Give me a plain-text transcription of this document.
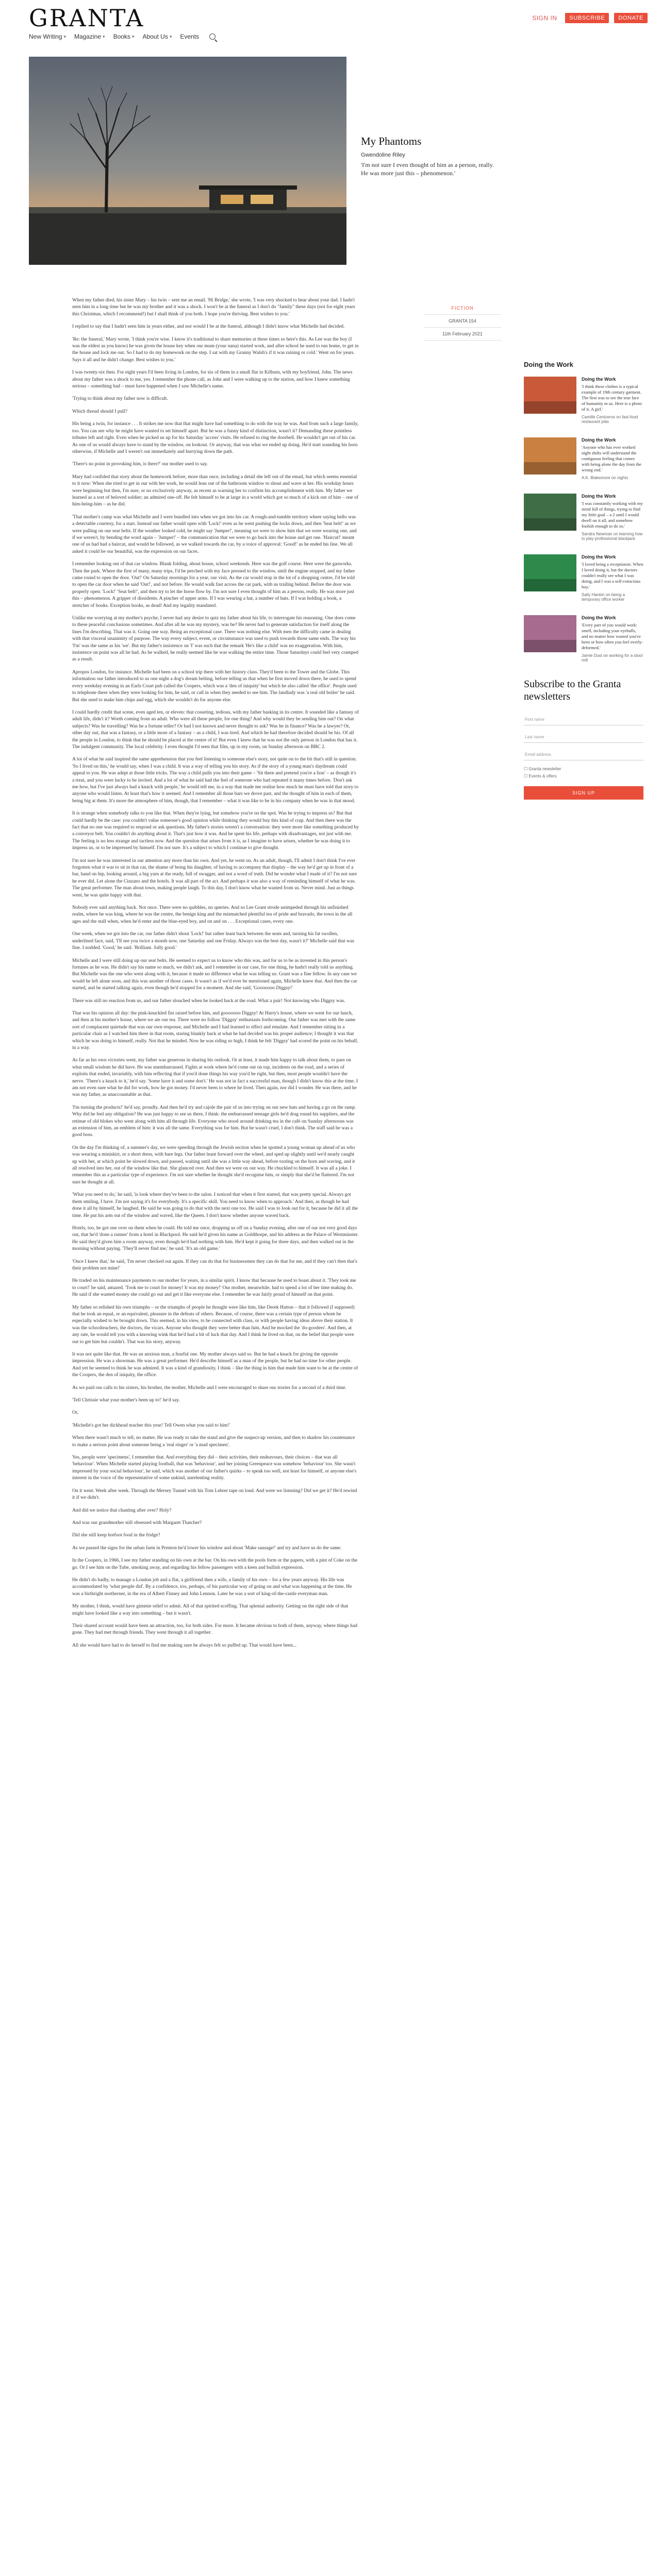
GRANTA	SIGN IN	SUBSCRIBE	DONATE
New Writing ▾ Magazine ▾ Books ▾ About Us ▾ Events
My Phantoms
Gwendoline Riley
'I'm not sure I even thought of him as a person, really. He was more just this – phenomenon.'

When my father died, his sister Mary – his twin – sent me an email. 'Hi Bridge,' she wrote, 'I was very shocked to hear about your dad. I hadn't seen him in a long time but he was my brother and it was a shock. I won't be at the funeral as I don't do "family" these days (not for eight years this Christmas, which I recommend!) but I shall think of you both. I hope you're thriving. Best wishes to you.'

I replied to say that I hadn't seen him in years either, and nor would I be at the funeral, although I didn't know what Michelle had decided.

'Re: the funeral,' Mary wrote, 'I think you're wise. I know it's traditional to share memories at these times so here's this. As Lee was the boy (I was the eldest as you know) he was given the house key when our mum (your nana) started work, and after school he used to run home, to get in the house and lock me out. So I had to do my homework on the step. I sat with my Granny Walsh's if it was raining or cold.' Went on for years. Says it all and he didn't change. Best wishes to you.'

I was twenty-six then. For eight years I'd been living in London, for six of them in a small flat in Kilburn, with my boyfriend, John. The news about my father was a shock to me, yes. I remember the phone call, as John and I were walking up to the station, and how I knew something serious – something bad – must have happened when I saw Michelle's name.

'Trying to think about my father now is difficult.

Which thread should I pull?

His being a twin, for instance . . . It strikes me now that that might have had something to do with the way he was. And from such a large family, too. You can see why he might have wanted to set himself apart. But he was a funny kind of distinction, wasn't it? Demanding these pointless tributes left and right. Even when he picked us up for his Saturday 'access' visits. He refused to ring the doorbell. He wouldn't get out of his car. As one of us would always have to stand by the window, on lookout. Or anyway, that was what we ended up doing. He'd start sounding his horn otherwise, if Michelle and I weren't out immediately and hurrying down the path.

'There's no point in provoking him, is there?' our mother used to say.

Mary had confided that story about the homework before, more than once, including a detail she left out of the email, but which seems essential to it now: When she tried to get in our with her work, he would lean out of the bathroom window to shout and wave at her. His workday hours were beginning but then, I'm sure, or no exclusively anyway, as recent as warning her to confirm his accomplishment with him. My father we learned as a sort of beloved soldier; an admired one-off. He felt himself to be at large in a world which got so much of a kick out of him – one of him-being-him – as he did.

'That mother's camp was what Michelle and I were bundled into when we got into his car. A rough-and-tumble territory where saying hello was a detectable courtesy, for a start. Instead our father would open with 'Lock!' even as he went pushing the locks down, and then 'Seat belt!' as we were pulling on our seat belts. If the weather looked cold, he might say 'Jumper!', meaning we were to show him that we were wearing one, and if we weren't, by bending the word again – 'Jumper!' – the communication that we were to go back into the house and get one. 'Haircut!' meant one of us had had a haircut, and would be followed, as we walked towards the car, by a voice of approval: 'Good!' as he ended his line. We all asked it could be our beautiful, was the expression on our faces.

I remember looking out of that car window. Blank folding, about house, school weekends. Here was the golf course. Here were the gasworks. Then the park. Where the first of many, many trips, I'd be perched with my face pressed to the window, until the engine stopped, and my father came round to open the door. 'Out!' On Saturday mornings for a year, our visit. As the car would stop in the lot of a shopping centre, I'd be told to open the car door when he said 'Out!', and not before. He would walk fast across the car park, with us trailing behind. Before the door was properly open: 'Lock!' 'Seat belt!', and then try to let the horse flow by. I'm not sure I even thought of him as a person, really. He was more just this – phenomenon. A gripper of dissidents. A pincher of upper arms. If I was wearing a hat, a number of hats. If I was holding a book, a stretcher of books. Exception books, as dead! And my legality mandated.

Unlike me worrying at my mother's psyche, I never had any desire to quiz my father about his life, to interrogate his reasoning. One does come to these peaceful conclusions sometimes. And after all he was my mystery, was he? He never had to generate satisfaction for itself along the lines I'm describing. That was it. Going one way. Being an exceptional case. There was nothing else. With men the difficulty came in dealing with that visceral unanimity of purpose. The way every subject, event, or circumstance was used to push towards those same ends. The way his 'I'm' was the same as his 'we'. But my father's insistence on 'I' was such that the remark 'He's like a child' was no exaggeration. With him, insistence on point was all he had. As he walked, he really seemed like he was walking the entire time. Those Saturdays could feel very cramped as a result.

Apropos London, for instance. Michelle had been on a school trip there with her history class. They'd been to the Tower and the Globe. This information our father introduced to us one night a dog's dream belting, before telling us that when he first moved down there, he used to spend every weekday evening in an Earls Court pub called the Coopers, which was a 'den of iniquity' but which he also called 'the office'. People used to telephone there when they were looking for him, he said, or call in when they needed to see him. The landlady was 'a real old boiler' he said. But she used to make him chips and egg, which she wouldn't do for anyone else.

I could hardly credit that scene, even aged ten, or eleven: that cosseting, tedious, with my father basking in its centre. It sounded like a fantasy of adult life, didn't it? Worth coming from an adult. Who were all these people, for one thing? And why would they be sending him out? On what subjects? Was he travelling? Was he a fortune teller? Or had I not known and never thought to ask? Was he in finance? Was he a lawyer? Or, other day out, that was a fantasy, or a little more of a fantasy – as a child, I was tired. And which he had therefore decided should be his. Of all the people in London, to think that he should be placed at the centre of it! But even I knew that he was not the only person in London that has it. The indulgent community. The local celebrity. I even thought I'd seen that film, up in my room, on Sunday afternoon on BBC 2.

A lot of what he said inspired the same apprehension that you feel listening to someone else's story, not quite on to the bit that's still in question. 'So I lived on this,' he would say, when I was a child. It was a way of telling you his story. As if the story of a young man's daydream could appeal to you. He was adept at those little tricks. The way a child pulls you into their game – 'Sit there and pretend you're a lion' – as though it's a treat, and you were lucky to be invited. And a lot of what he said had the feel of someone who had repeated it many times before. 'Don't ask me how, but I've just always had a knack with people,' he would tell me, in a way that made me realise how much he must have told that story to anyone who would listen. At least that's how it seemed. And I remember all those bars we drove past, and the thought of him in each of them, being big at them. It's more the atmosphere of him, though, that I remember – what it was like to be in his company when he was in that mood.

It is strange when somebody talks to you like that. When they're lying, but somehow you're on the spot. Was he trying to impress us? But that could hardly be the case: you couldn't value someone's good opinion while thinking they would buy this kind of crap. And then there was the fact that no one was required to respond or ask questions. My father's stories weren't a conversation: they were more like something produced by a conveyor belt. You couldn't do anything about it. That's just how it was. And he spent his life, perhaps with disadvantages, not just with me. The feeling is no less strange and tactless now. And the question that arises from it is, as I imagine to have arisen, whether he was doing it to impress us, or to be impressed by himself. I'm not sure. It's a subject to which I continue to give thought.

I'm not sure he was interested in our attention any more than his own. And yet, he went on. As an adult, though, I'll admit I don't think I've ever forgotten what it was to sit in that car, the shame of being his daughter, of having to accompany that display – the way he'd get up in front of a bar, hand on hip, looking around, a big yarn at the ready, full of swagger, and not a word of truth. Did he wonder what I made of it? I'm not sure he ever did. Let alone the Cinzano and the hotels. It was all part of the act. And perhaps it was also a way of reminding himself of what he was. The great performer. The man about town, making people laugh. To this day, I don't know what he wanted from us. Never mind. Just as things went, he was quite happy with that.

Nobody ever said anything back. Not once. There were no quibbles, no queries. And so Lee Grant strode unimpeded through his unfinished realm, where he was king, where he was the centre, the benign king and the mismatched plentiful tea of pride and bravado, the town in the all ages and the stall when, when he'd enter and the blue-eyed boy, and on and on . . . Exceptional cases, every one.

One week, when we got into the car, our father didn't shout 'Lock!' but rather leant back between the seats and, turning his fat swollen, underlined face, said, 'I'll see you twice a month now, one Saturday and one Friday. Always was the best day, wasn't it?' Michelle said that was fine. I nodded. 'Good,' he said. 'Brilliant. Jolly good.'

Michelle and I were still doing up our seat belts. He seemed to expect us to know who this was, and for us to be as invested in this person's fortunes as he was. He didn't say his name so much, we didn't ask, and I remember in our case, for one thing, he hadn't really told us anything. But Michelle was the one who went along with it, because it made no difference what he was telling us: Grant was a fine fellow. In any case we would be left alone soon, and this was another of those cases. It wasn't as if we'd ever be mentioned again, Michelle knew that. And then the car started, and he started talking again, even though he'd stopped for a moment. And she said, 'Gooooooo Diggsy!'

There was still no reaction from us, and our father slouched when he looked back at the road. What a pair! Not knowing who Diggsy was.

That was his opinion all day: the pink-knuckled fist raised before him, and gooooooo Diggsy! At Harry's house, where we went for our lunch, and then at his mother's house, where we ate our tea. There were no follow 'Diggsy' enthusiasts forthcoming. Our father was met with the same sort of complacent quietude that was our own response, and Michelle and I had learned to effect and emulate. And I remember sitting in a particular chair as I watched him there in that room, staring blankly back at what he had decided was his proper audience; I thought it was that which he was doing to himself, really. Not that he minded. Now he was riding so high, I think he felt 'Diggsy' had scored the point on his behalf, in a way.

As far as his own victories went, my father was generous in sharing his outlook. Or at least, it made him happy to talk about them, to pass on what small wisdom he did have. He was unembarrassed. Fights at work where he'd come out on top, incidents on the road, and a series of exploits that ended, invariably, with him reflecting that if you'd done things his way you'd be right, but then, most people wouldn't have the nerve. 'There's a knack to it,' he'd say. 'Some have it and some don't.' He was not in fact a successful man, though I didn't know this at the time. I am not even sure what he did for work, how he got money. I'd never been to where he lived. Then again, nor did I wonder. He was there, and he was my father, as unaccountable as that.

'I'm turning the products!' he'd say, proudly. And then he'd try and cajole the pair of us into trying on our new hats and having a go on the ramp. Why did he feel any obligation? He was just happy to see us there, I think: the embarrassed teenage girls he'd drag round his suppliers, and the retinue of old blokes who went along with him all through life. Everyone who stood around drinking tea in the café on Sunday afternoons was an extension of him, an emblem of him: it was all the same. Everything was for him. But he wasn't cruel, I don't think. The staff said he was a good boss.

On the day I'm thinking of, a summer's day, we were speeding through the Jewish section when he spotted a young woman up ahead of us who was wearing a miniskirt, or a short dress, with bare legs. Our father leant forward over the wheel, and sped up slightly until we'd nearly caught up with her, at which point he slowed down, and passed, waiting until she was a little way ahead, before tooting on the horn and waving, and it all resolved into her, out of the window like that. She glanced over. And then we were on our way. He chuckled to himself. It was all a joke. I remember this as a particular type of experience. I'm not sure whether he thought she'd recognise him, or simply that she'd be flattered. I'm not sure he thought at all.

'What you need to do,' he said, 'is look where they've been to the salon. I noticed that when it first started, that was pretty special. Always got them smiling, I have. I'm not saying it's for everybody. It's a specific skill. You need to know when to approach.' And then, as though he had done it all by himself, he laughed. He said he was going to do that with the next one too. He said I was to look out for it, because he did it all the time. He put his arm out of the window and waved, like the Queen. I don't know whether anyone waved back.

Hotels, too, he got one over on them when he could. He told me once, dropping us off on a Sunday evening, after one of our not very good days out, that he'd 'done a runner' from a hotel in Blackpool. He said he'd given his name as Goldthorpe, and his address as the Palace of Westminster. He said they'd given him a room anyway, even though he'd had nothing with him. He'd kept it going for three days, and then walked out in the morning without paying. 'They'll never find me,' he said. 'It's an old game.'

'Once I knew that,' he said, 'I'm never checked out again. If they can do that for businessmen they can do that for me, and if they can't then that's their problem not mine!'

He traded on his maintenance payments to our mother for years, in a similar spirit. I know that because he used to boast about it. 'They took me to court!' he said, amazed. 'Took me to court for money! It was my money!' Our mother, meanwhile, had to spend a lot of her time making do. He said if she wanted money she could go out and get it like everyone else. I remember he was fairly proud of himself on that point.

My father so relished his own triumphs – or the triumphs of people he thought were like him, like Derek Hatton – that it followed (I supposed) that he took an equal, or an equivalent, pleasure in the defeats of others. Because, of course, there was a certain type of person whom he especially wished to be brought down. This seemed, in his view, to be connected with class, or with people having ideas above their station. It was the schoolteachers, the doctors, the vicars. Anyone who thought they were better than him. And he mocked the 'do-gooders'. And then, at any rate, he would tell you with a knowing wink that he'd had a bit of luck that day. And I think he lived on that, on the belief that people were out to get him but couldn't. That was his story, anyway.

It was not quite like that. He was an anxious man, a fearful one. My mother always said so. But he had a knack for giving the opposite impression. He was a showman. He was a great performer. He'd describe himself as a man of the people, but he had no time for other people. And yet he seemed to think he was admired. It was a kind of grandiosity, I think – like the thing in him that made him want to be at the centre of the Coopers, the den of iniquity, the office.

As we paid our calls to his sisters, his brother, the mother, Michelle and I were encouraged to share our stories for a second of a third time.

'Tell Chrissie what your mother's been up to!' he'd say.

Or,

'Michelle's got her dickhead teacher this year! Tell Owen what you said to him!'

When there wasn't much to tell, no matter. He was ready to take the stand and give the suspect-up version, and then to shadow his countenance to make a serious point about someone being a 'real ringer' or 'a mad specimen'.

Yes, people were 'specimens', I remember that. And everything they did – their activities, their endeavours, their choices – that was all 'behaviour'. When Michelle started playing football, that was 'behaviour', and her joining Greenpeace was somehow 'behaviour' too. She wasn't impressed by your social behaviour', he said, which was another of our father's quirks – to speak too well, not least for himself, or anyone else's interest in the voice of the representative of some unkind, unrelenting reality.

On it went. Week after week. Through the Mersey Tunnel with his Tom Lehrer tape on loud. And were we listening? Did we get it? He'd rewind it if we didn't.

And did we notice that chanting after over? Holy?

And was our grandmother still obsessed with Margaret Thatcher?

Did she still keep hotfoot food in the fridge?

As we passed the signs for the urban farm in Prenton he'd lower his window and shout 'Make sausage!' and try and have us do the same.

In the Coopers, in 1966, I see my father standing on his own at the bar. On his own with the pools form or the papers, with a pint of Coke on the go. Or I see him on the Tube, smoking away, and regarding his fellow passengers with a keen and bullish expression.

He didn't do badly, to manage a London job and a flat, a girlfriend then a wife, a family of his own – for a few years anyway. His life was accommodated by 'what people did'. By a confidence, too, perhaps, of his particular way of going on and what was happening at the time. He was a birthright northerner, in the era of Albert Finney and John Lennon. Later he was a sort of king-of-the-castle everyman man.

My mother, I think, would have gimmie relief to admit. All of that spirited scoffing. That splenial authority. Getting on the right side of that might have looked like a way into something – but it wasn't.

Their shared account would have been an attraction, too, for both sides. For more. It became obvious to both of them, anyway, where things had gone. They had met through friends. They went through it all together.

All she would have had to do herself to find me making sure he always felt so puffed up. That would have been...

FICTION
GRANTA 154
11th February 2021
Doing the Work
Doing the Work
'I think these clothes is a typical example of 19th century garment. The first was to see the true face of humanity in us. Here is a photo of it. A girl.'
Camille Ceniceros on fast-food restaurant jobs
Doing the Work
'Anyone who has ever worked night shifts will understand the contiguous feeling that comes with being alone the day from the wrong end.'
A.K. Blakemore on nights
Doing the Work
'I was constantly working with my mind full of things, trying to find my little goal – a 2 until I would dwell on it all, and somehow foolish enough to do so.'
Sandra Newman on learning how to play professional blackjack
Doing the Work
'I loved being a receptionist. When I loved doing it, but the doctors couldn't really see what I was doing, and I was a self-conscious boy.'
Sally Hankin on being a temporary office worker
Doing the Work
'Every part of you would work: smell, including your eyeballs, and no matter how wasted you've been or how often you feel overly-deformed.'
Jamie Dust on working for a stool mill
Subscribe to the Granta newsletters
First name
Last name
Email address
☐ Granta newsletter
☐ Events & offers
SIGN UP
